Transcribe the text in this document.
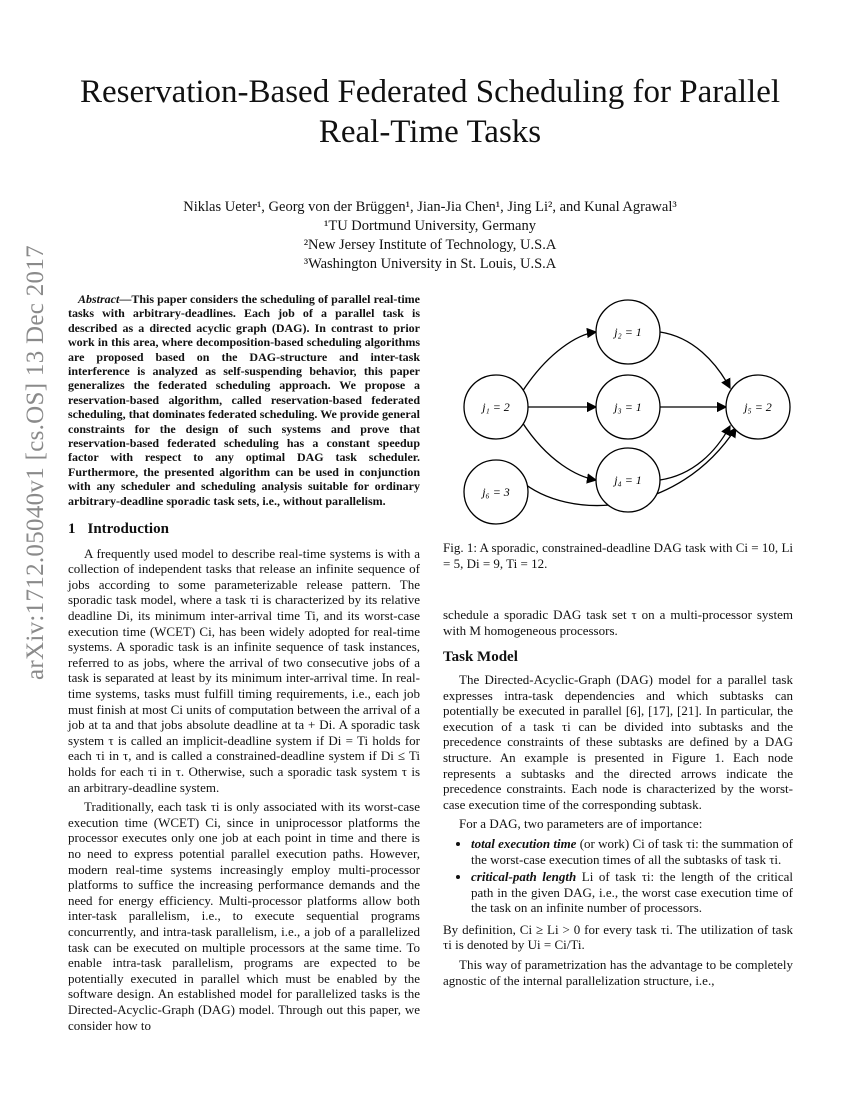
Reservation-Based Federated Scheduling for Parallel
Real-Time Tasks
Niklas Ueter¹, Georg von der Brüggen¹, Jian-Jia Chen¹, Jing Li², and Kunal Agrawal³
¹TU Dortmund University, Germany
²New Jersey Institute of Technology, U.S.A
³Washington University in St. Louis, U.S.A
arXiv:1712.05040v1 [cs.OS] 13 Dec 2017	Abstract—This paper considers the scheduling of parallel real-time tasks with arbitrary-deadlines. Each job of a parallel task is described as a directed acyclic graph (DAG). In contrast to prior work in this area, where decomposition-based scheduling algorithms are proposed based on the DAG-structure and inter-task interference is analyzed as self-suspending behavior, this paper generalizes the federated scheduling approach. We propose a reservation-based algorithm, called reservation-based federated scheduling, that dominates federated scheduling. We provide general constraints for the design of such systems and prove that reservation-based federated scheduling has a constant speedup factor with respect to any optimal DAG task scheduler. Furthermore, the presented algorithm can be used in conjunction with any scheduler and scheduling analysis suitable for ordinary arbitrary-deadline sporadic task sets, i.e., without parallelism.

1 Introduction

A frequently used model to describe real-time systems is with a collection of independent tasks that release an infinite sequence of jobs according to some parameterizable release pattern. The sporadic task model, where a task τi is characterized by its relative deadline Di, its minimum inter-arrival time Ti, and its worst-case execution time (WCET) Ci, has been widely adopted for real-time systems. A sporadic task is an infinite sequence of task instances, referred to as jobs, where the arrival of two consecutive jobs of a task is separated at least by its minimum inter-arrival time. In real-time systems, tasks must fulfill timing requirements, i.e., each job must finish at most Ci units of computation between the arrival of a job at ta and that jobs absolute deadline at ta + Di. A sporadic task system τ is called an implicit-deadline system if Di = Ti holds for each τi in τ, and is called a constrained-deadline system if Di ≤ Ti holds for each τi in τ. Otherwise, such a sporadic task system τ is an arbitrary-deadline system.

Traditionally, each task τi is only associated with its worst-case execution time (WCET) Ci, since in uniprocessor platforms the processor executes only one job at each point in time and there is no need to express potential parallel execution paths. However, modern real-time systems increasingly employ multi-processor platforms to suffice the increasing performance demands and the need for energy efficiency. Multi-processor platforms allow both inter-task parallelism, i.e., to execute sequential programs concurrently, and intra-task parallelism, i.e., a job of a parallelized task can be executed on multiple processors at the same time. To enable intra-task parallelism, programs are expected to be potentially executed in parallel which must be enabled by the software design. An established model for parallelized tasks is the Directed-Acyclic-Graph (DAG) model. Through out this paper, we consider how to

j₁ = 2
j₂ = 1
j₃ = 1
j₄ = 1
j₅ = 2
j₆ = 3

Fig. 1: A sporadic, constrained-deadline DAG task with Ci = 10, Li = 5, Di = 9, Ti = 12.

schedule a sporadic DAG task set τ on a multi-processor system with M homogeneous processors.

Task Model

The Directed-Acyclic-Graph (DAG) model for a parallel task expresses intra-task dependencies and which subtasks can potentially be executed in parallel [6], [17], [21]. In particular, the execution of a task τi can be divided into subtasks and the precedence constraints of these subtasks are defined by a DAG structure. An example is presented in Figure 1. Each node represents a subtasks and the directed arrows indicate the precedence constraints. Each node is characterized by the worst-case execution time of the corresponding subtask.

For a DAG, two parameters are of importance:

• total execution time (or work) Ci of task τi: the summation of the worst-case execution times of all the subtasks of task τi.
• critical-path length Li of task τi: the length of the critical path in the given DAG, i.e., the worst case execution time of the task on an infinite number of processors.

By definition, Ci ≥ Li > 0 for every task τi. The utilization of task τi is denoted by Ui = Ci/Ti.

This way of parametrization has the advantage to be completely agnostic of the internal parallelization structure, i.e.,
